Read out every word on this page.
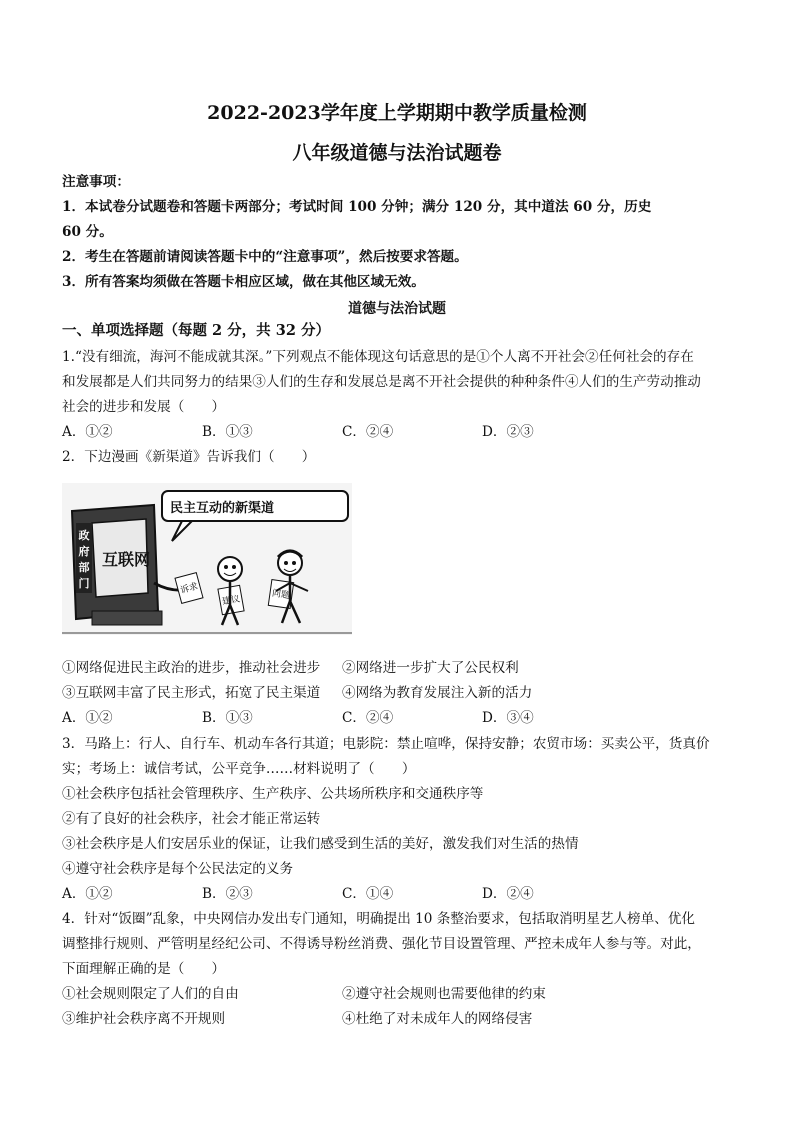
2022-2023学年度上学期期中教学质量检测
八年级道德与法治试题卷
注意事项：
1．本试卷分试题卷和答题卡两部分；考试时间 100 分钟；满分 120 分，其中道法 60 分，历史
60 分。
2．考生在答题前请阅读答题卡中的“注意事项”，然后按要求答题。
3．所有答案均须做在答题卡相应区域，做在其他区域无效。
道德与法治试题
一、单项选择题（每题 2 分，共 32 分）
1.“没有细流，海河不能成就其深。”下列观点不能体现这句话意思的是①个人离不开社会②任何社会的存在
和发展都是人们共同努力的结果③人们的生存和发展总是离不开社会提供的种种条件④人们的生产劳动推动
社会的进步和发展（　　）
A．①②	B．①③	C．②④	D．②③
2．下边漫画《新渠道》告诉我们（　　）
互联网
政
府
部
门
民主互动的新渠道
诉求
建议	问题
①网络促进民主政治的进步，推动社会进步 ②网络进一步扩大了公民权利
③互联网丰富了民主形式，拓宽了民主渠道 ④网络为教育发展注入新的活力
A．①②	B．①③	C．②④	D．③④
3．马路上：行人、自行车、机动车各行其道；电影院：禁止喧哗，保持安静；农贸市场：买卖公平，货真价
实；考场上：诚信考试，公平竞争……材料说明了（　　）
①社会秩序包括社会管理秩序、生产秩序、公共场所秩序和交通秩序等
②有了良好的社会秩序，社会才能正常运转
③社会秩序是人们安居乐业的保证，让我们感受到生活的美好，激发我们对生活的热情
④遵守社会秩序是每个公民法定的义务
A．①②	B．②③	C．①④	D．②④
4．针对“饭圈”乱象，中央网信办发出专门通知，明确提出 10 条整治要求，包括取消明星艺人榜单、优化
调整排行规则、严管明星经纪公司、不得诱导粉丝消费、强化节目设置管理、严控未成年人参与等。对此，
下面理解正确的是（　　）
①社会规则限定了人们的自由	②遵守社会规则也需要他律的约束
③维护社会秩序离不开规则	④杜绝了对未成年人的网络侵害
